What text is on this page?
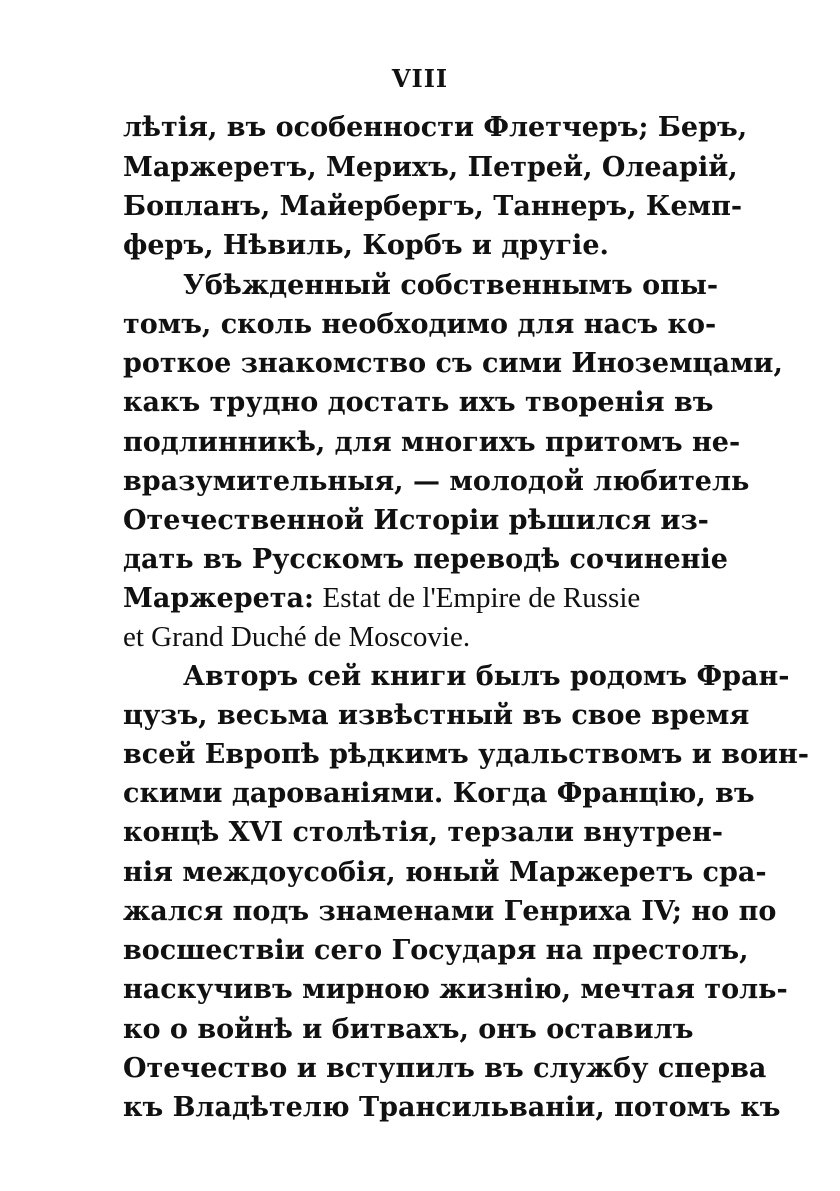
VIII
лѣтія, въ особенности Флетчеръ; Беръ,
Маржеретъ, Мерихъ, Петрей, Олеарій,
Бопланъ, Майербергъ, Таннеръ, Кемп-
феръ, Нѣвиль, Корбъ и другіе.
Убѣжденный собственнымъ опы-
томъ, сколь необходимо для насъ ко-
роткое знакомство съ сими Иноземцами,
какъ трудно достать ихъ творенія въ
подлинникѣ, для многихъ притомъ не-
вразумительныя, — молодой любитель
Отечественной Исторіи рѣшился из-
дать въ Русскомъ переводѣ сочиненіе
Маржерета: Estat de l'Empire de Russie
et Grand Duché de Moscovie.
Авторъ сей книги былъ родомъ Фран-
цузъ, весьма извѣстный въ свое время
всей Европѣ рѣдкимъ удальствомъ и воин-
скими дарованіями. Когда Францію, въ
концѣ XVI столѣтія, терзали внутрен-
нія междоусобія, юный Маржеретъ сра-
жался подъ знаменами Генриха IV; но по
восшествіи сего Государя на престолъ,
наскучивъ мирною жизнію, мечтая толь-
ко о войнѣ и битвахъ, онъ оставилъ
Отечество и вступилъ въ службу сперва
къ Владѣтелю Трансильваніи, потомъ къ
